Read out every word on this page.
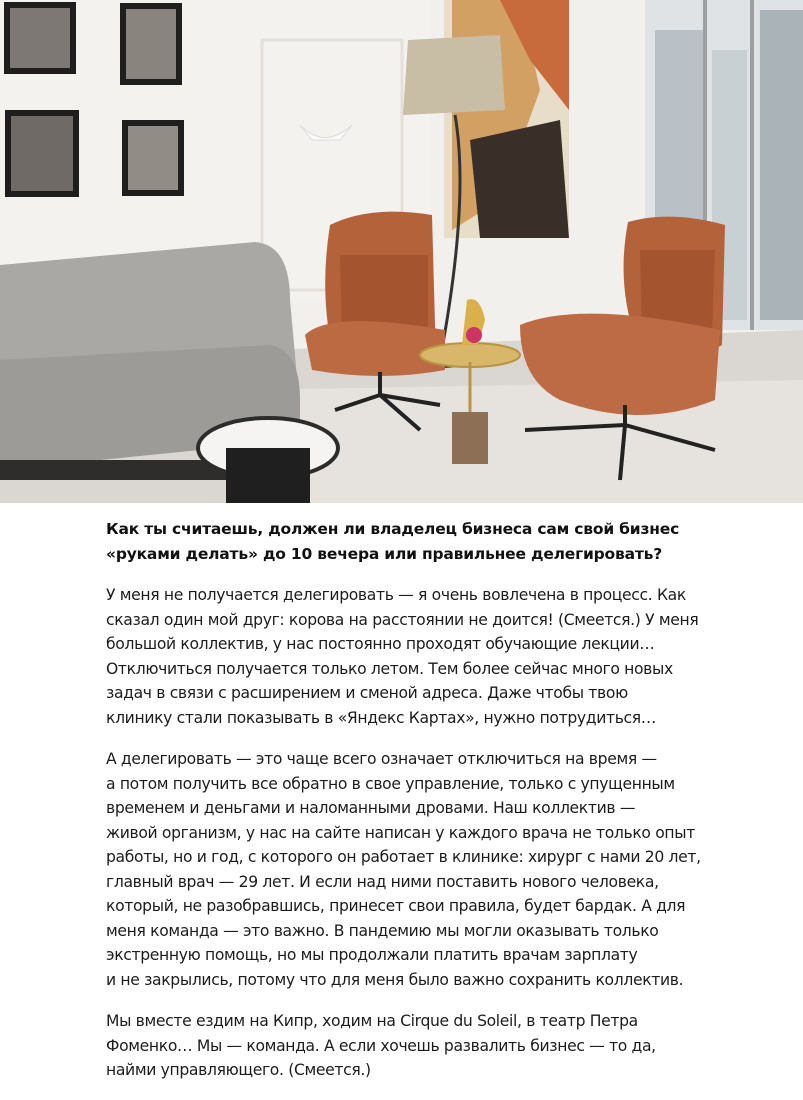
Как ты считаешь, должен ли владелец бизнеса сам свой бизнес
«руками делать» до 10 вечера или правильнее делегировать?

У меня не получается делегировать — я очень вовлечена в процесс. Как
сказал один мой друг: корова на расстоянии не доится! (Смеется.) У меня
большой коллектив, у нас постоянно проходят обучающие лекции…
Отключиться получается только летом. Тем более сейчас много новых
задач в связи с расширением и сменой адреса. Даже чтобы твою
клинику стали показывать в «Яндекс Картах», нужно потрудиться…

А делегировать — это чаще всего означает отключиться на время —
а потом получить все обратно в свое управление, только с упущенным
временем и деньгами и наломанными дровами. Наш коллектив —
живой организм, у нас на сайте написан у каждого врача не только опыт
работы, но и год, с которого он работает в клинике: хирург с нами 20 лет,
главный врач — 29 лет. И если над ними поставить нового человека,
который, не разобравшись, принесет свои правила, будет бардак. А для
меня команда — это важно. В пандемию мы могли оказывать только
экстренную помощь, но мы продолжали платить врачам зарплату
и не закрылись, потому что для меня было важно сохранить коллектив.

Мы вместе ездим на Кипр, ходим на Cirque du Soleil, в театр Петра
Фоменко… Мы — команда. А если хочешь развалить бизнес — то да,
найми управляющего. (Смеется.)
